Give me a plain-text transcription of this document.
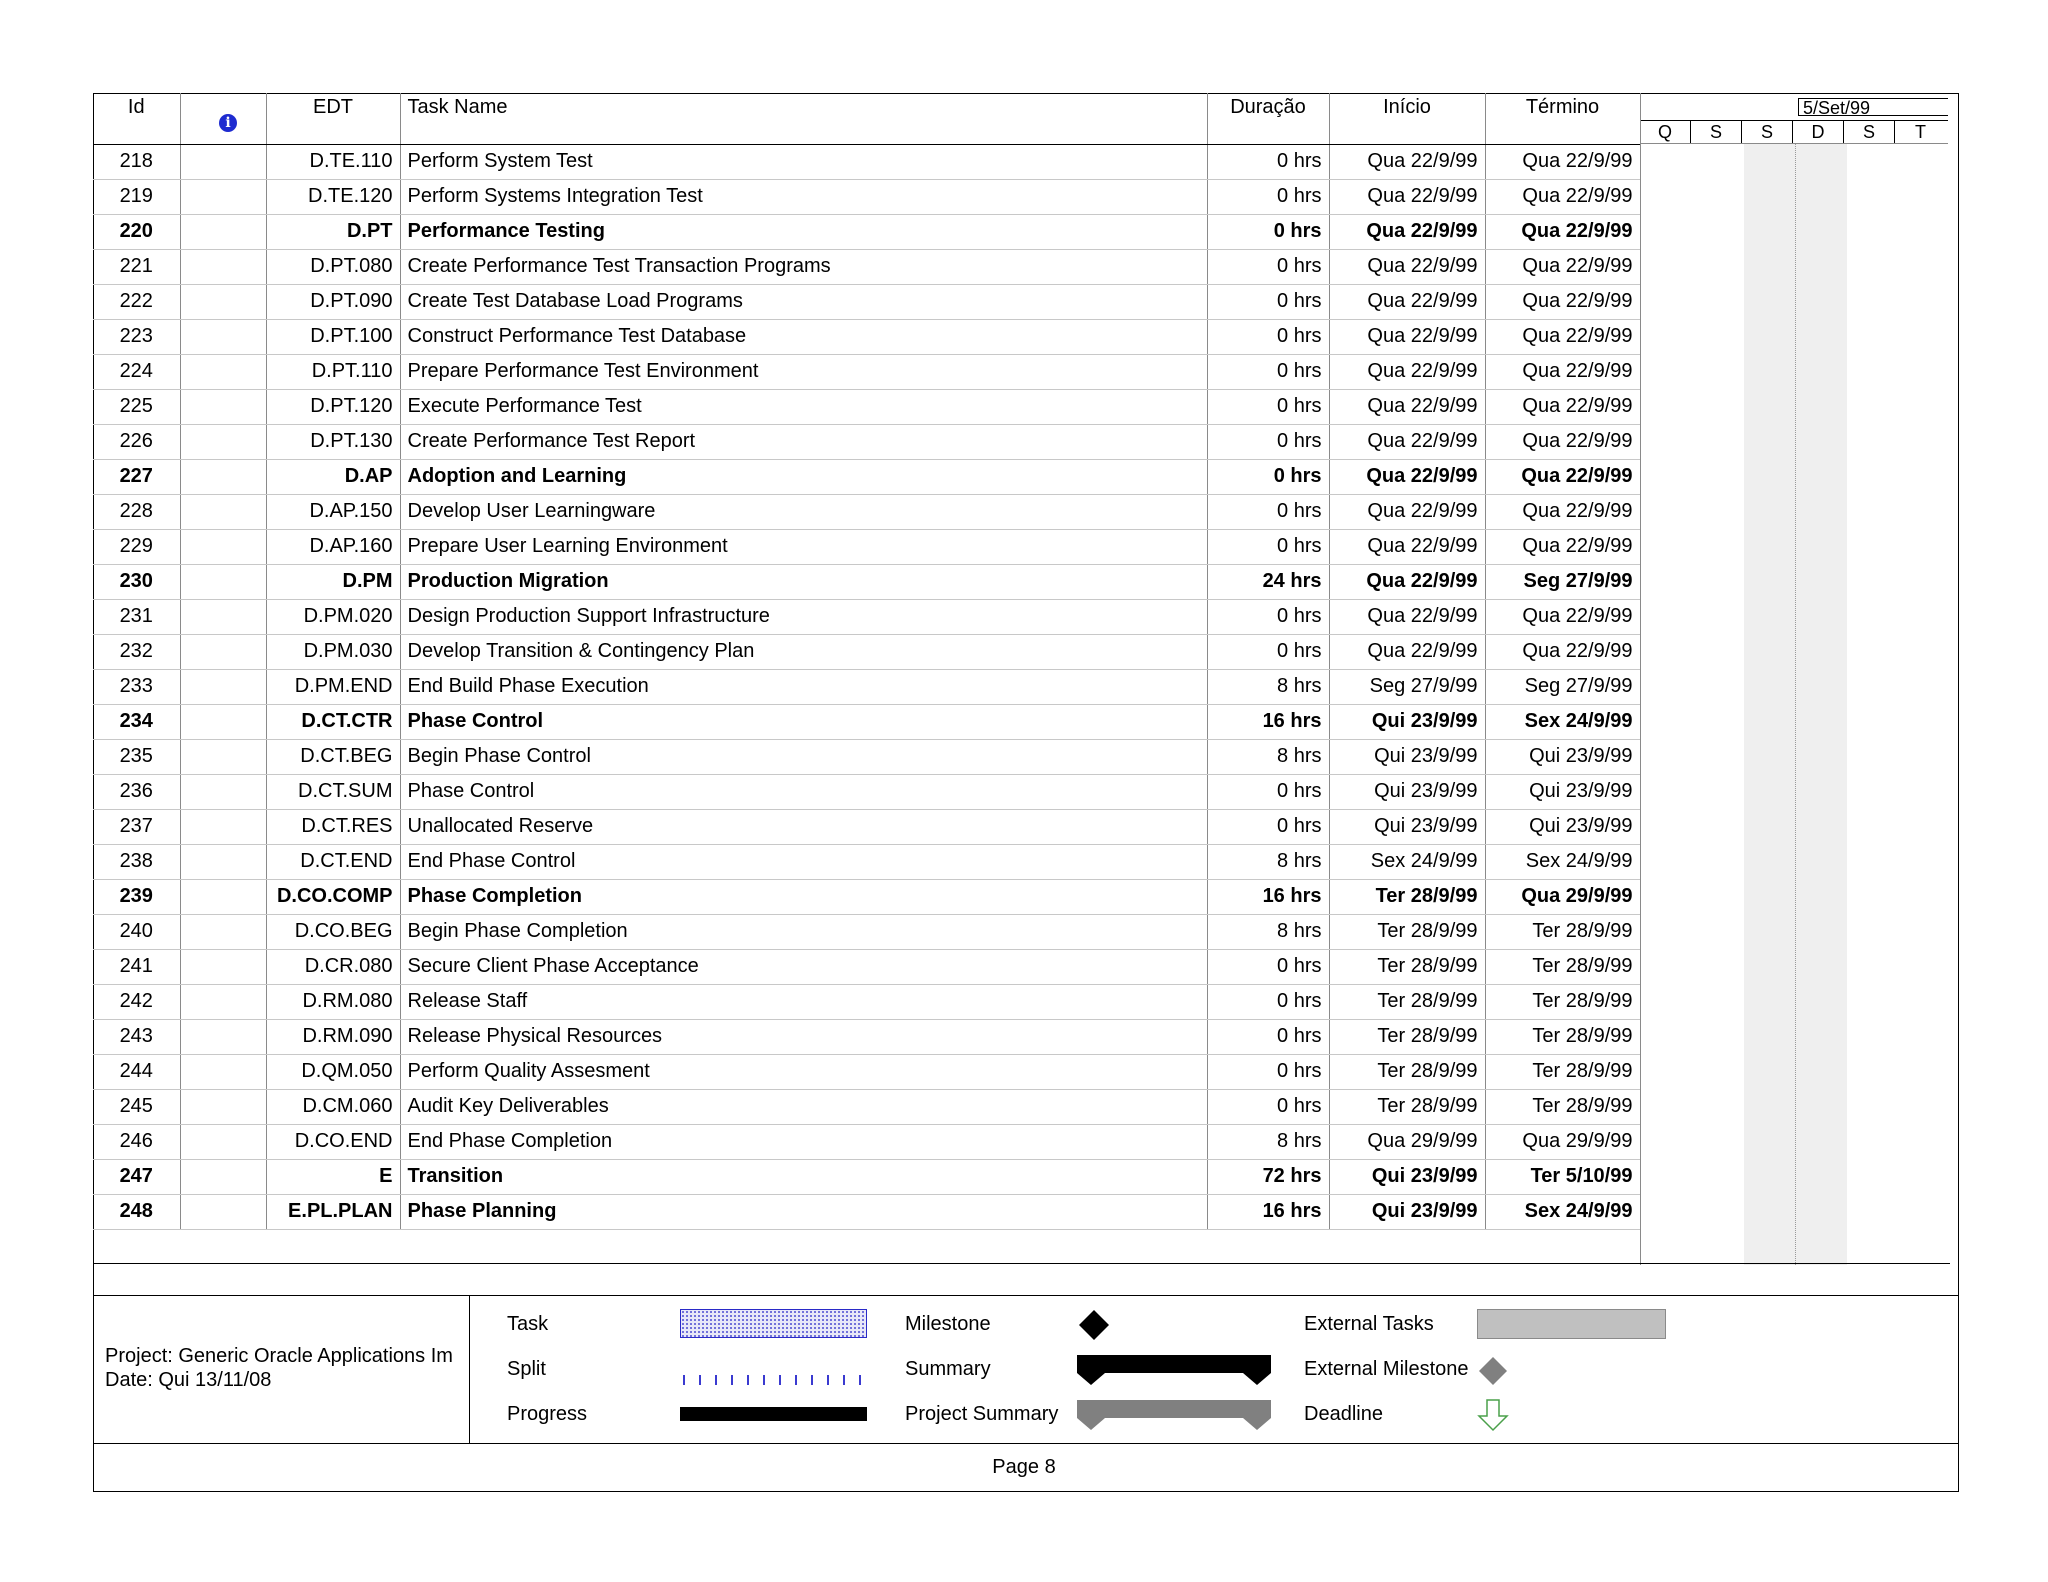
Id	i	EDT	Task Name	Duração	Início	Término
218		D.TE.110	Perform System Test	0 hrs	Qua 22/9/99	Qua 22/9/99
219		D.TE.120	Perform Systems Integration Test	0 hrs	Qua 22/9/99	Qua 22/9/99
220		D.PT	Performance Testing	0 hrs	Qua 22/9/99	Qua 22/9/99
221		D.PT.080	Create Performance Test Transaction Programs	0 hrs	Qua 22/9/99	Qua 22/9/99
222		D.PT.090	Create Test Database Load Programs	0 hrs	Qua 22/9/99	Qua 22/9/99
223		D.PT.100	Construct Performance Test Database	0 hrs	Qua 22/9/99	Qua 22/9/99
224		D.PT.110	Prepare Performance Test Environment	0 hrs	Qua 22/9/99	Qua 22/9/99
225		D.PT.120	Execute Performance Test	0 hrs	Qua 22/9/99	Qua 22/9/99
226		D.PT.130	Create Performance Test Report	0 hrs	Qua 22/9/99	Qua 22/9/99
227		D.AP	Adoption and Learning	0 hrs	Qua 22/9/99	Qua 22/9/99
228		D.AP.150	Develop User Learningware	0 hrs	Qua 22/9/99	Qua 22/9/99
229		D.AP.160	Prepare User Learning Environment	0 hrs	Qua 22/9/99	Qua 22/9/99
230		D.PM	Production Migration	24 hrs	Qua 22/9/99	Seg 27/9/99
231		D.PM.020	Design Production Support Infrastructure	0 hrs	Qua 22/9/99	Qua 22/9/99
232		D.PM.030	Develop Transition & Contingency Plan	0 hrs	Qua 22/9/99	Qua 22/9/99
233		D.PM.END	End Build Phase Execution	8 hrs	Seg 27/9/99	Seg 27/9/99
234		D.CT.CTR	Phase Control	16 hrs	Qui 23/9/99	Sex 24/9/99
235		D.CT.BEG	Begin Phase Control	8 hrs	Qui 23/9/99	Qui 23/9/99
236		D.CT.SUM	Phase Control	0 hrs	Qui 23/9/99	Qui 23/9/99
237		D.CT.RES	Unallocated Reserve	0 hrs	Qui 23/9/99	Qui 23/9/99
238		D.CT.END	End Phase Control	8 hrs	Sex 24/9/99	Sex 24/9/99
239		D.CO.COMP	Phase Completion	16 hrs	Ter 28/9/99	Qua 29/9/99
240		D.CO.BEG	Begin Phase Completion	8 hrs	Ter 28/9/99	Ter 28/9/99
241		D.CR.080	Secure Client Phase Acceptance	0 hrs	Ter 28/9/99	Ter 28/9/99
242		D.RM.080	Release Staff	0 hrs	Ter 28/9/99	Ter 28/9/99
243		D.RM.090	Release Physical Resources	0 hrs	Ter 28/9/99	Ter 28/9/99
244		D.QM.050	Perform Quality Assesment	0 hrs	Ter 28/9/99	Ter 28/9/99
245		D.CM.060	Audit Key Deliverables	0 hrs	Ter 28/9/99	Ter 28/9/99
246		D.CO.END	End Phase Completion	8 hrs	Qua 29/9/99	Qua 29/9/99
247		E	Transition	72 hrs	Qui 23/9/99	Ter 5/10/99
248		E.PL.PLAN	Phase Planning	16 hrs	Qui 23/9/99	Sex 24/9/99
5/Set/99
Q	S	S	D	S	T
Project: Generic Oracle Applications Im
Date: Qui 13/11/08
Task
Split
Progress
Milestone
Summary
Project Summary
External Tasks
External Milestone
Deadline
Page 8
